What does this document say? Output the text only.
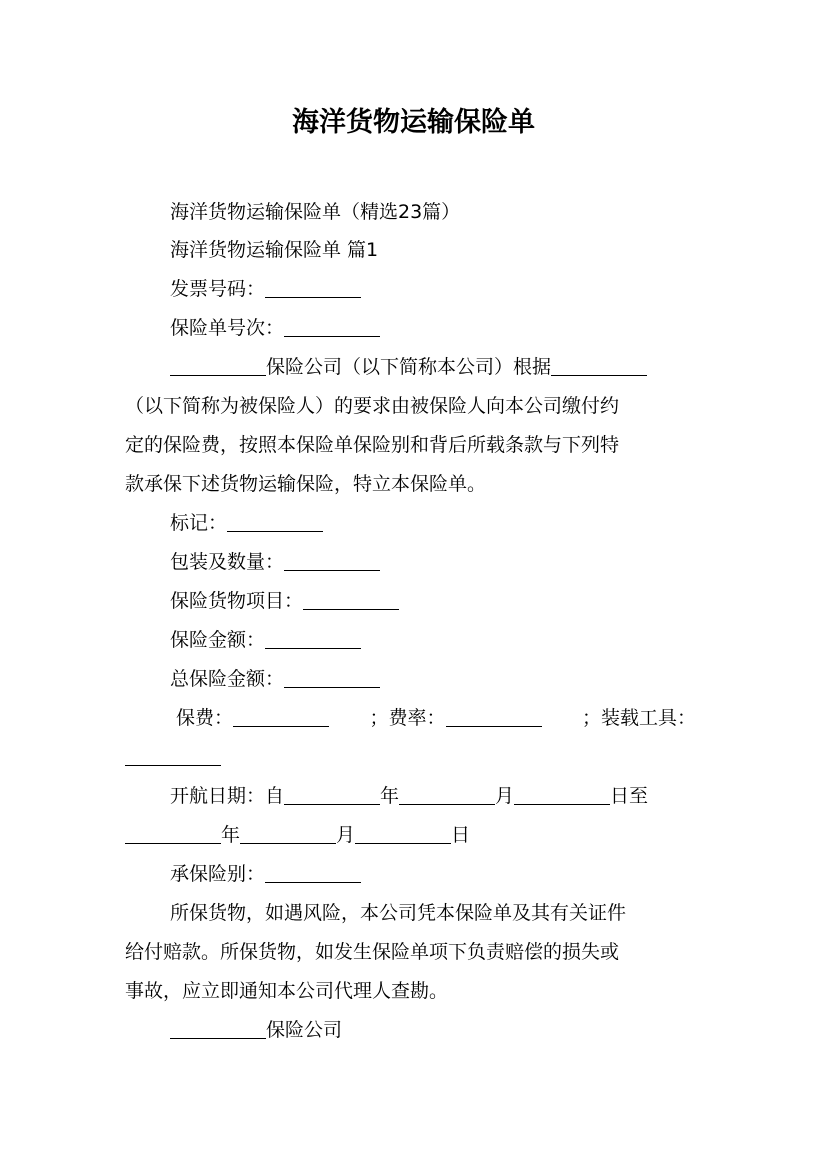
海洋货物运输保险单
海洋货物运输保险单（精选23篇）
海洋货物运输保险单 篇1
发票号码：
保险单号次：
保险公司（以下简称本公司）根据
（以下简称为被保险人）的要求由被保险人向本公司缴付约
定的保险费，按照本保险单保险别和背后所载条款与下列特
款承保下述货物运输保险，特立本保险单。
标记：
包装及数量：
保险货物项目：
保险金额：
总保险金额：
保费：	；费率：	；装载工具：
开航日期：自	年	月	日至
年	月	日
承保险别：
所保货物，如遇风险，本公司凭本保险单及其有关证件
给付赔款。所保货物，如发生保险单项下负责赔偿的损失或
事故，应立即通知本公司代理人查勘。
保险公司
